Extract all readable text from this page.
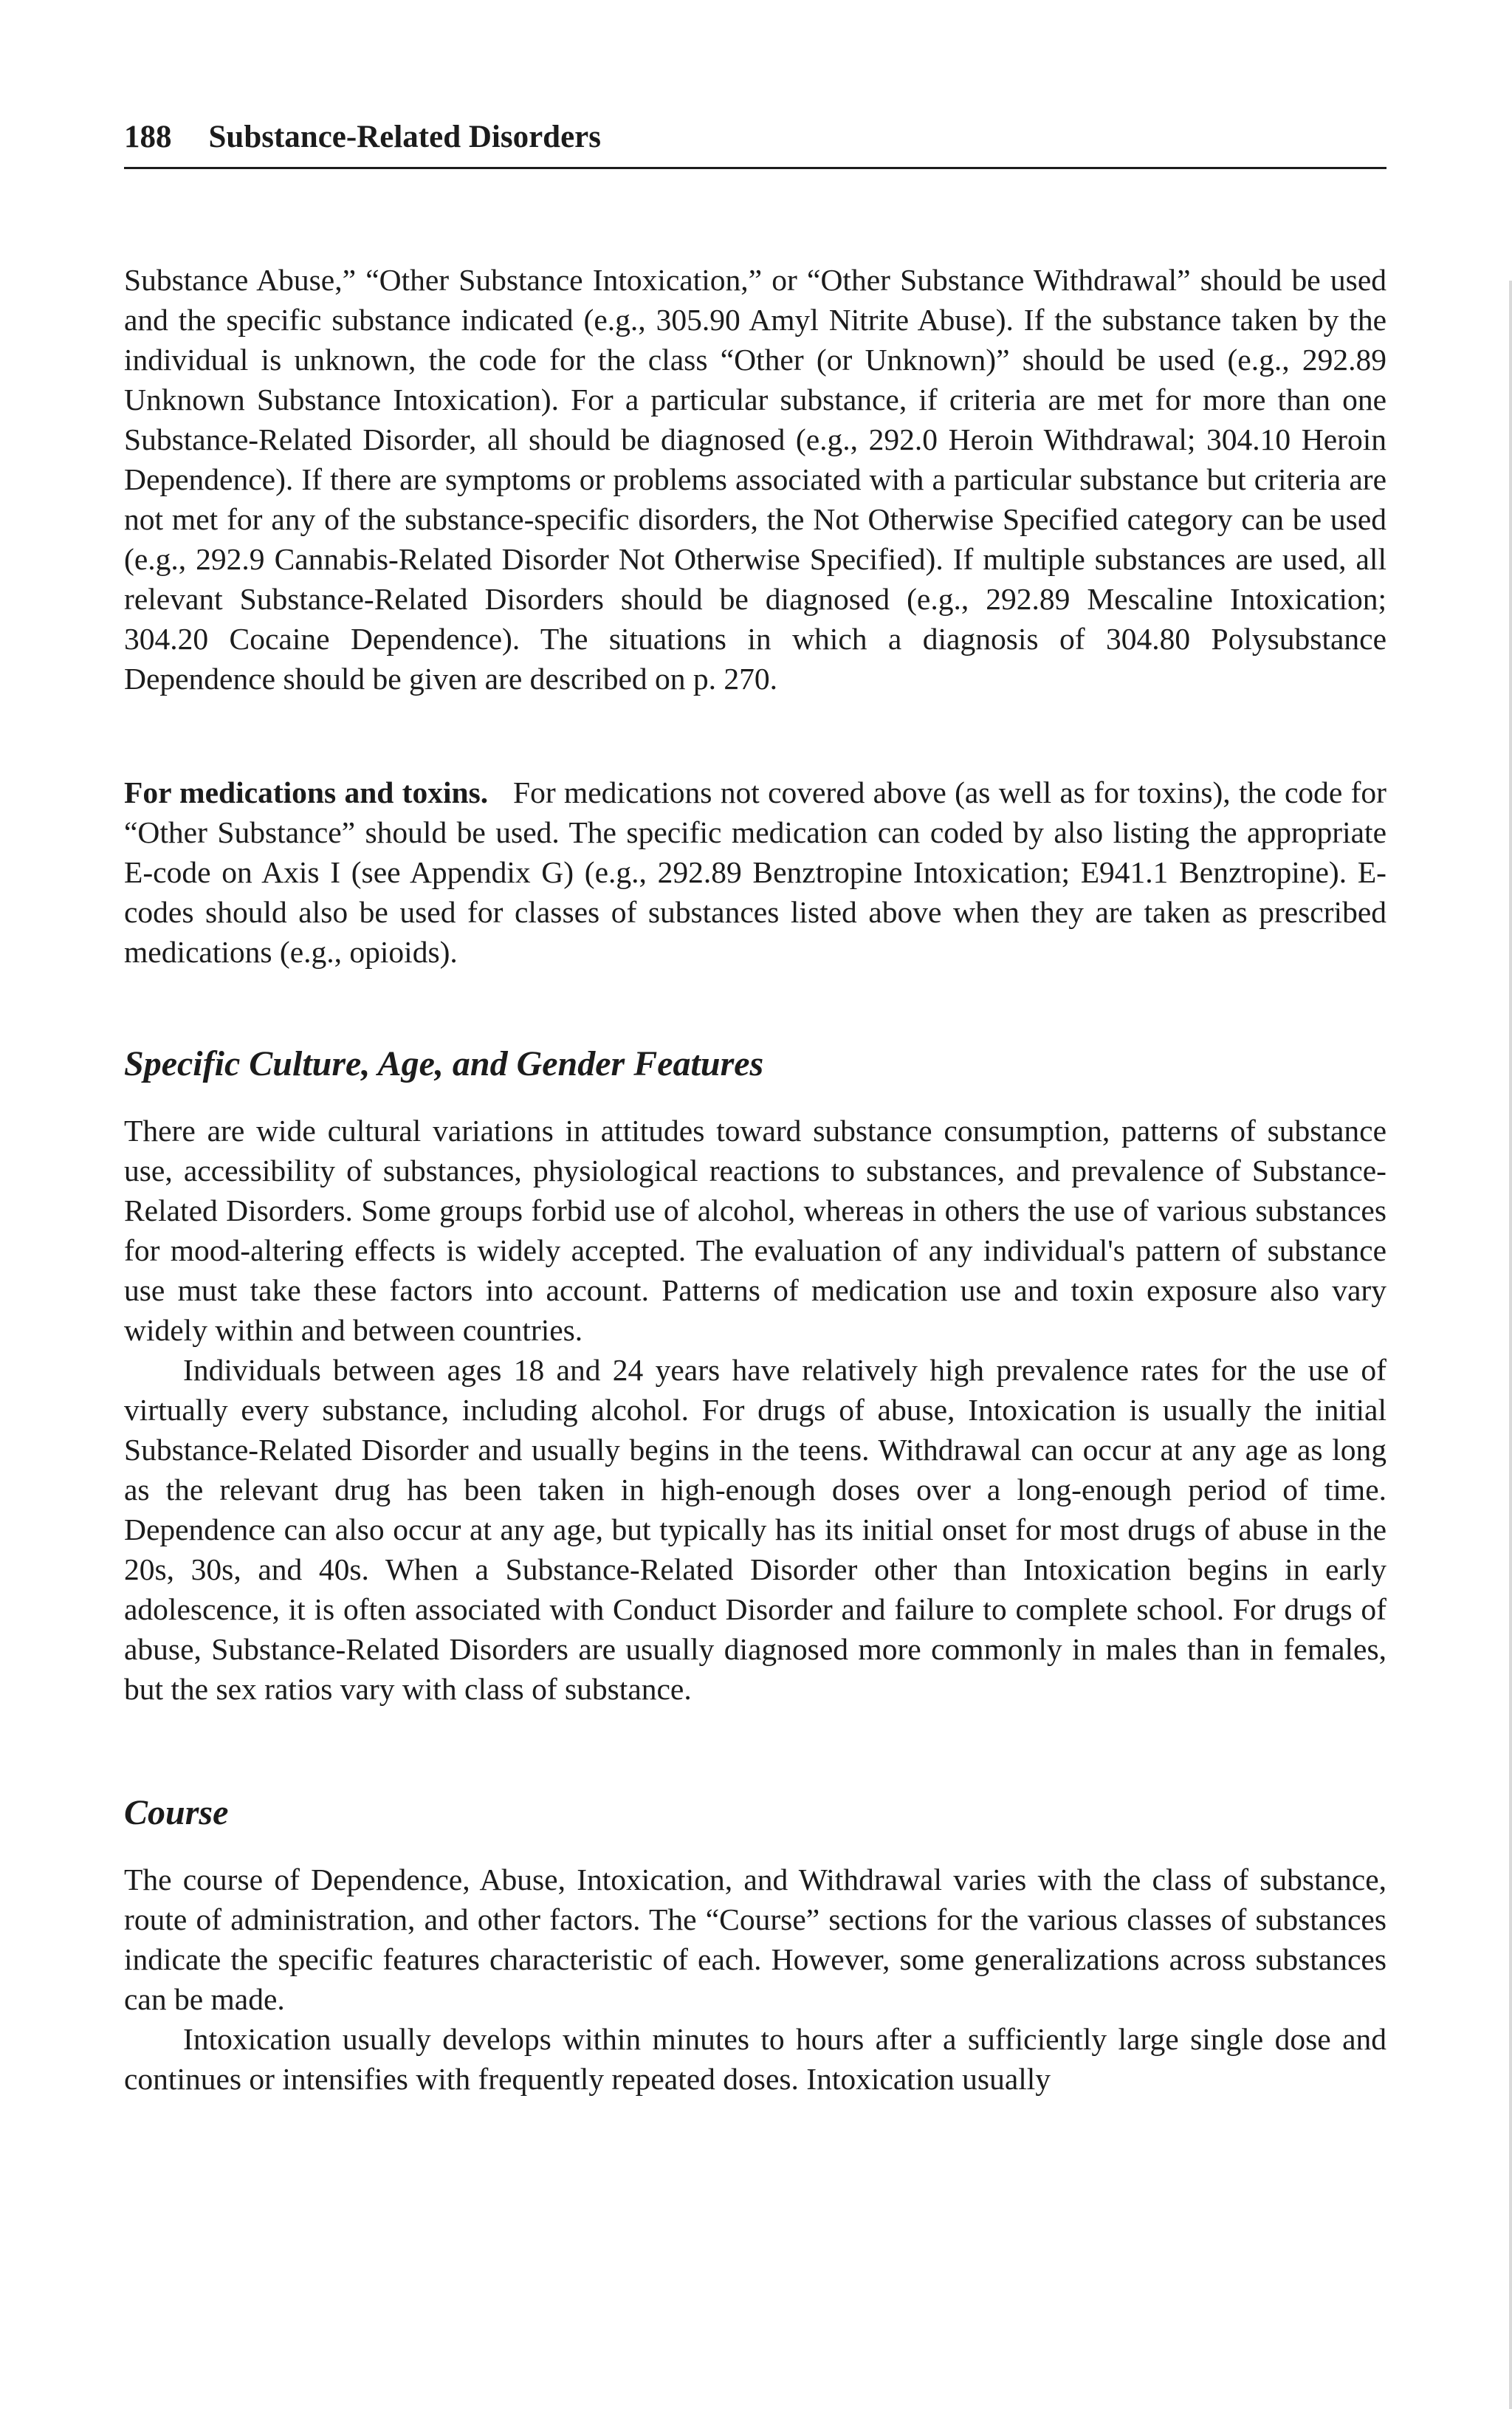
188 Substance-Related Disorders

Substance Abuse,” “Other Substance Intoxication,” or “Other Substance Withdrawal” should be used and the specific substance indicated (e.g., 305.90 Amyl Nitrite Abuse). If the substance taken by the individual is unknown, the code for the class “Other (or Unknown)” should be used (e.g., 292.89 Unknown Substance Intoxication). For a particular substance, if criteria are met for more than one Substance-Related Disorder, all should be diagnosed (e.g., 292.0 Heroin Withdrawal; 304.10 Heroin Dependence). If there are symptoms or problems associated with a particular substance but criteria are not met for any of the substance-specific disorders, the Not Otherwise Specified category can be used (e.g., 292.9 Cannabis-Related Disorder Not Otherwise Specified). If multiple substances are used, all relevant Substance-Related Disorders should be diagnosed (e.g., 292.89 Mescaline Intoxication; 304.20 Cocaine Dependence). The situations in which a diagnosis of 304.80 Polysubstance Dependence should be given are described on p. 270.

For medications and toxins. For medications not covered above (as well as for toxins), the code for “Other Substance” should be used. The specific medication can coded by also listing the appropriate E-code on Axis I (see Appendix G) (e.g., 292.89 Benztropine Intoxication; E941.1 Benztropine). E-codes should also be used for classes of substances listed above when they are taken as prescribed medications (e.g., opioids).

Specific Culture, Age, and Gender Features

There are wide cultural variations in attitudes toward substance consumption, patterns of substance use, accessibility of substances, physiological reactions to substances, and prevalence of Substance-Related Disorders. Some groups forbid use of alcohol, whereas in others the use of various substances for mood-altering effects is widely accepted. The evaluation of any individual's pattern of substance use must take these factors into account. Patterns of medication use and toxin exposure also vary widely within and between countries.

Individuals between ages 18 and 24 years have relatively high prevalence rates for the use of virtually every substance, including alcohol. For drugs of abuse, Intoxication is usually the initial Substance-Related Disorder and usually begins in the teens. Withdrawal can occur at any age as long as the relevant drug has been taken in high-enough doses over a long-enough period of time. Dependence can also occur at any age, but typically has its initial onset for most drugs of abuse in the 20s, 30s, and 40s. When a Substance-Related Disorder other than Intoxication begins in early adolescence, it is often associated with Conduct Disorder and failure to complete school. For drugs of abuse, Substance-Related Disorders are usually diagnosed more commonly in males than in females, but the sex ratios vary with class of substance.

Course

The course of Dependence, Abuse, Intoxication, and Withdrawal varies with the class of substance, route of administration, and other factors. The “Course” sections for the various classes of substances indicate the specific features characteristic of each. However, some generalizations across substances can be made.

Intoxication usually develops within minutes to hours after a sufficiently large single dose and continues or intensifies with frequently repeated doses. Intoxication usually
